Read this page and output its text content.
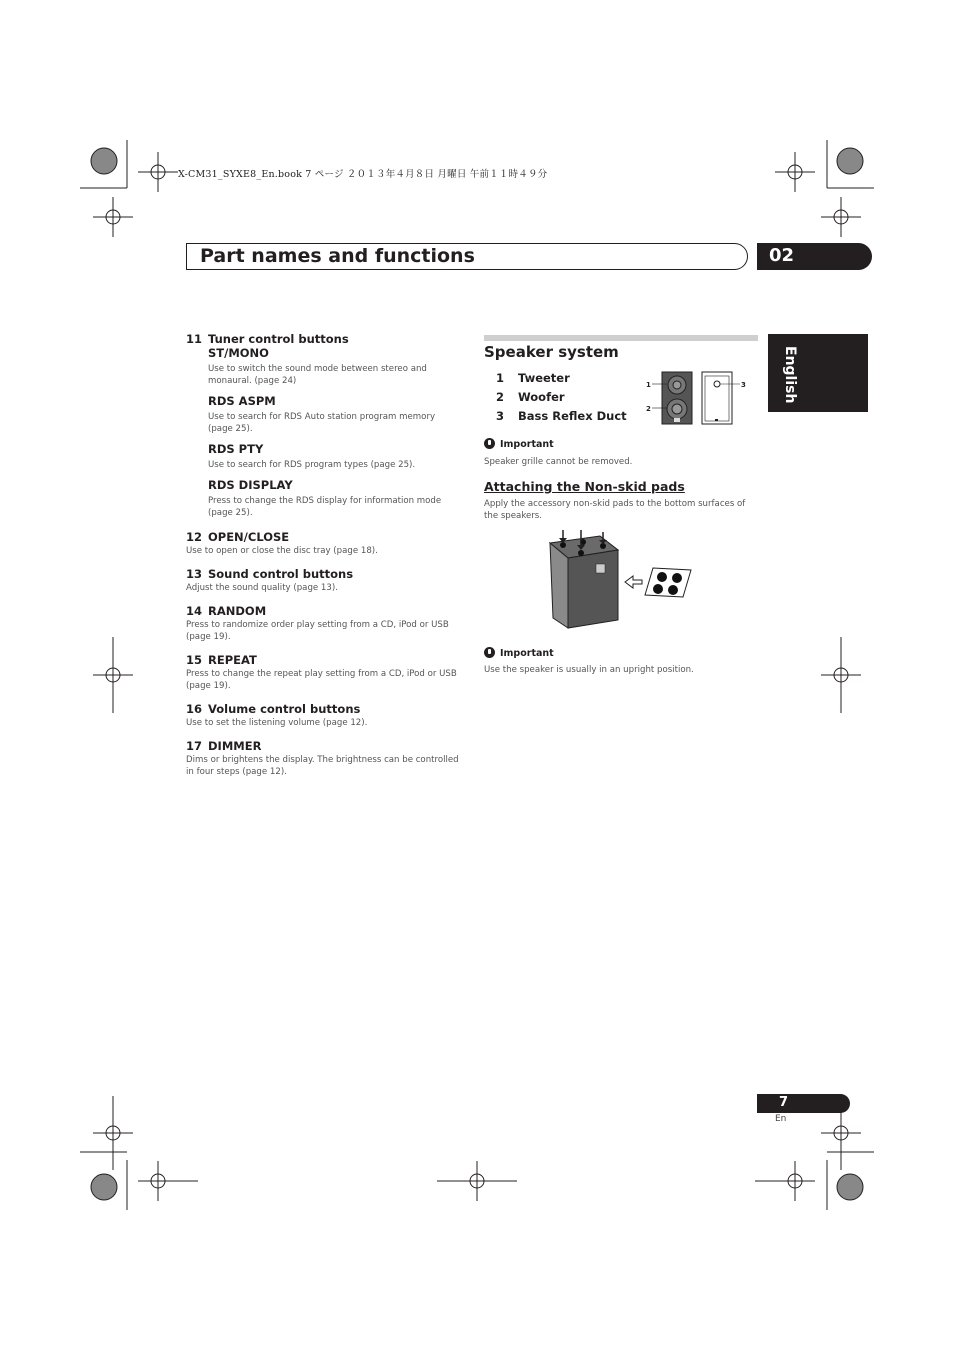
X-CM31_SYXE8_En.book 7 ページ ２０１３年４月８日 月曜日 午前１１時４９分
Part names and functions	02
English

11 Tuner control buttons

ST/MONO

Use to switch the sound mode between stereo and monaural. (page 24)

RDS ASPM

Use to search for RDS Auto station program memory (page 25).

RDS PTY

Use to search for RDS program types (page 25).

RDS DISPLAY

Press to change the RDS display for information mode (page 25).

12 OPEN/CLOSE

Use to open or close the disc tray (page 18).

13 Sound control buttons

Adjust the sound quality (page 13).

14 RANDOM

Press to randomize order play setting from a CD, iPod or USB (page 19).

15 REPEAT

Press to change the repeat play setting from a CD, iPod or USB (page 19).

16 Volume control buttons

Use to set the listening volume (page 12).

17 DIMMER

Dims or brightens the display. The brightness can be controlled in four steps (page 12).

Speaker system
1 Tweeter
2 Woofer
3 Bass Reflex Duct
1
2
3
Important
Speaker grille cannot be removed.
Attaching the Non-skid pads
Apply the accessory non-skid pads to the bottom surfaces of the speakers.
Important
Use the speaker is usually in an upright position.
7
En
